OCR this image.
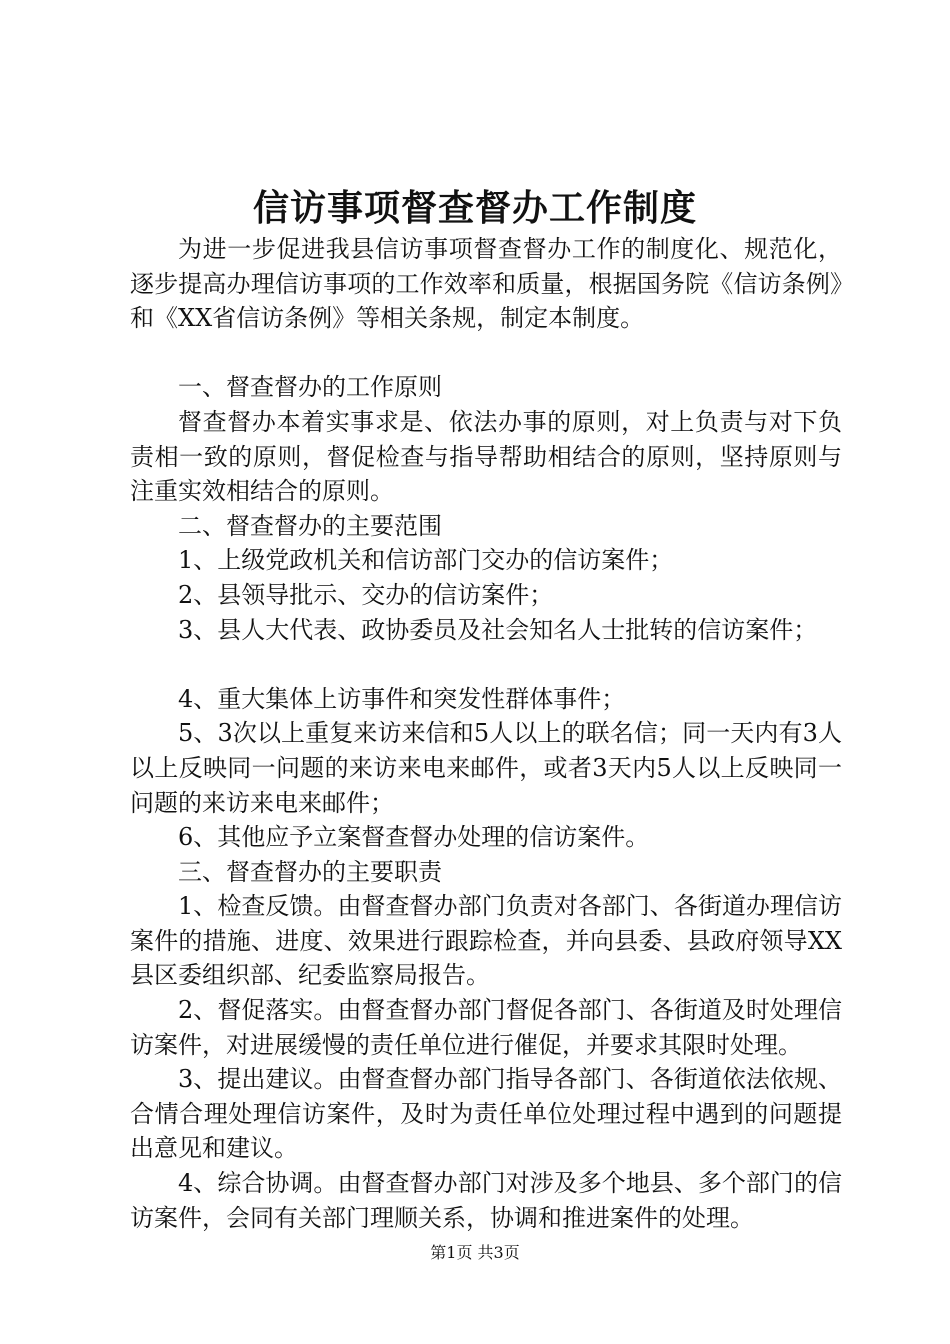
信访事项督查督办工作制度

为进一步促进我县信访事项督查督办工作的制度化、规范化，逐步提高办理信访事项的工作效率和质量，根据国务院《信访条例》和《XX省信访条例》等相关条规，制定本制度。

一、督查督办的工作原则

督查督办本着实事求是、依法办事的原则，对上负责与对下负责相一致的原则，督促检查与指导帮助相结合的原则，坚持原则与注重实效相结合的原则。

二、督查督办的主要范围

1、上级党政机关和信访部门交办的信访案件；

2、县领导批示、交办的信访案件；

3、县人大代表、政协委员及社会知名人士批转的信访案件；

4、重大集体上访事件和突发性群体事件；

5、3次以上重复来访来信和5人以上的联名信；同一天内有3人以上反映同一问题的来访来电来邮件，或者3天内5人以上反映同一问题的来访来电来邮件；

6、其他应予立案督查督办处理的信访案件。

三、督查督办的主要职责

1、检查反馈。由督查督办部门负责对各部门、各街道办理信访案件的措施、进度、效果进行跟踪检查，并向县委、县政府领导XX县区委组织部、纪委监察局报告。

2、督促落实。由督查督办部门督促各部门、各街道及时处理信访案件，对进展缓慢的责任单位进行催促，并要求其限时处理。

3、提出建议。由督查督办部门指导各部门、各街道依法依规、合情合理处理信访案件，及时为责任单位处理过程中遇到的问题提出意见和建议。

4、综合协调。由督查督办部门对涉及多个地县、多个部门的信访案件，会同有关部门理顺关系，协调和推进案件的处理。

第1页 共3页
